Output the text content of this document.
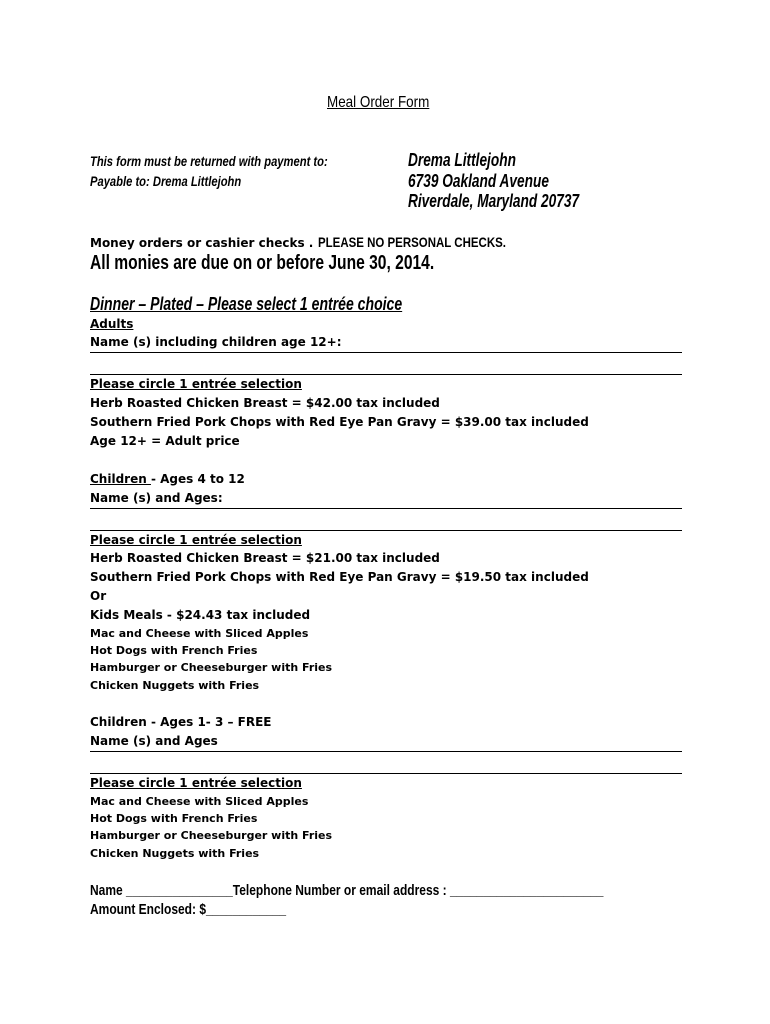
Meal Order Form
This form must be returned with payment to:
Payable to: Drema Littlejohn
Drema Littlejohn
6739 Oakland Avenue
Riverdale, Maryland 20737
Money orders or cashier checks . PLEASE NO PERSONAL CHECKS.
All monies are due on or before June 30, 2014.
Dinner – Plated – Please select 1 entrée choice
Adults
Name (s) including children age 12+:
Please circle 1 entrée selection
Herb Roasted Chicken Breast = $42.00 tax included
Southern Fried Pork Chops with Red Eye Pan Gravy = $39.00 tax included
Age 12+ = Adult price
Children - Ages 4 to 12
Name (s) and Ages:
Please circle 1 entrée selection
Herb Roasted Chicken Breast = $21.00 tax included
Southern Fried Pork Chops with Red Eye Pan Gravy = $19.50 tax included
Or
Kids Meals - $24.43 tax included
Mac and Cheese with Sliced Apples
Hot Dogs with French Fries
Hamburger or Cheeseburger with Fries
Chicken Nuggets with Fries
Children - Ages 1- 3 – FREE
Name (s) and Ages
Please circle 1 entrée selection
Mac and Cheese with Sliced Apples
Hot Dogs with French Fries
Hamburger or Cheeseburger with Fries
Chicken Nuggets with Fries
Name ________________Telephone Number or email address : _______________________
Amount Enclosed: $____________
